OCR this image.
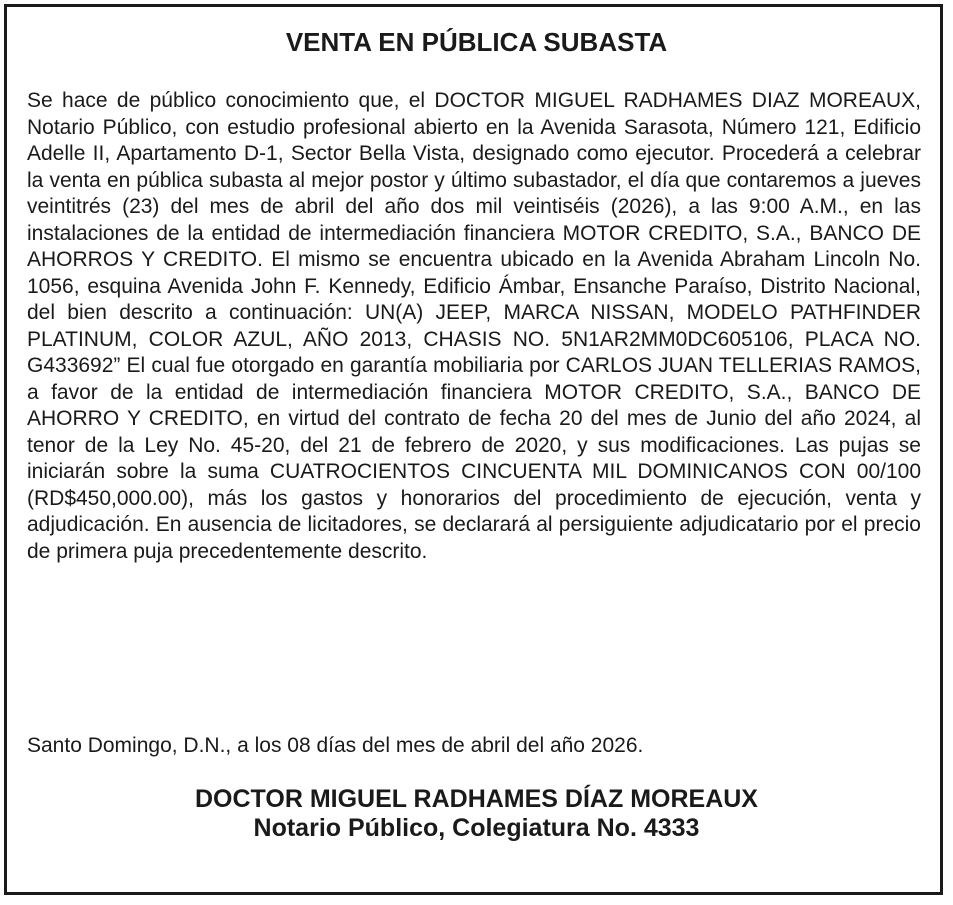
VENTA EN PÚBLICA SUBASTA
Se hace de público conocimiento que, el DOCTOR MIGUEL RADHAMES DIAZ MOREAUX, Notario Público, con estudio profesional abierto en la Avenida Sarasota, Número 121, Edificio Adelle II, Apartamento D-1, Sector Bella Vista, designado como ejecutor. Procederá a celebrar la venta en pública subasta al mejor postor y último subastador, el día que contaremos a jueves veintitrés (23) del mes de abril del año dos mil veintiséis (2026), a las 9:00 A.M., en las instalaciones de la entidad de intermediación financiera MOTOR CREDITO, S.A., BANCO DE AHORROS Y CREDITO. El mismo se encuentra ubicado en la Avenida Abraham Lincoln No. 1056, esquina Avenida John F. Kennedy, Edificio Ámbar, Ensanche Paraíso, Distrito Nacional, del bien descrito a continuación: UN(A) JEEP, MARCA NISSAN, MODELO PATHFINDER PLATINUM, COLOR AZUL, AÑO 2013, CHASIS NO. 5N1AR2MM0DC605106, PLACA NO. G433692” El cual fue otorgado en garantía mobiliaria por CARLOS JUAN TELLERIAS RAMOS, a favor de la entidad de intermediación financiera MOTOR CREDITO, S.A., BANCO DE AHORRO Y CREDITO, en virtud del contrato de fecha 20 del mes de Junio del año 2024, al tenor de la Ley No. 45-20, del 21 de febrero de 2020, y sus modificaciones. Las pujas se iniciarán sobre la suma CUATROCIENTOS CINCUENTA MIL DOMINICANOS CON 00/100 (RD$450,000.00), más los gastos y honorarios del procedimiento de ejecución, venta y adjudicación. En ausencia de licitadores, se declarará al persiguiente adjudicatario por el precio de primera puja precedentemente descrito.
Santo Domingo, D.N., a los 08 días del mes de abril del año 2026.
DOCTOR MIGUEL RADHAMES DÍAZ MOREAUX
Notario Público, Colegiatura No. 4333
